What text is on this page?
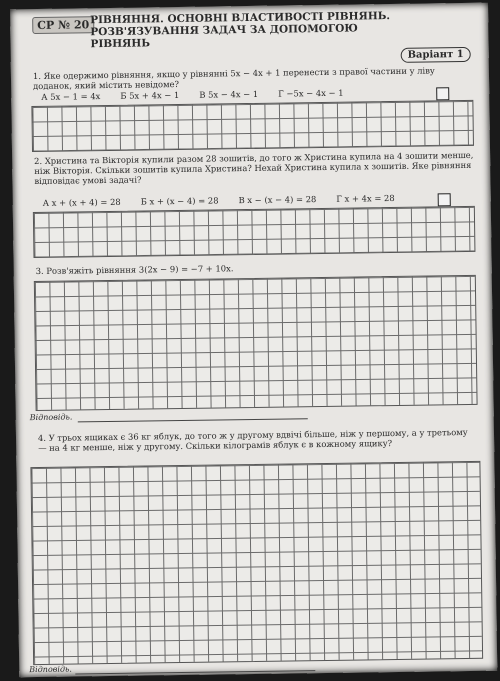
СР № 20 РІВНЯННЯ. ОСНОВНІ ВЛАСТИВОСТІ РІВНЯНЬ.
РОЗВ'ЯЗУВАННЯ ЗАДАЧ ЗА ДОПОМОГОЮ РІВНЯНЬ
Варіант 1
1. Яке одержимо рівняння, якщо у рівнянні 5x − 4x + 1 перенести з правої частини у ліву доданок, який містить невідоме?
А 5x − 1 = 4x Б 5x + 4x − 1 В 5x − 4x − 1 Г −5x − 4x − 1
2. Христина та Вікторія купили разом 28 зошитів, до того ж Христина купила на 4 зошити менше, ніж Вікторія. Скільки зошитів купила Христина? Нехай Христина купила x зошитів. Яке рівняння відповідає умові задачі?
А x + (x + 4) = 28 Б x + (x − 4) = 28 В x − (x − 4) = 28 Г x + 4x = 28
3. Розв'яжіть рівняння 3(2x − 9) = −7 + 10x.
Відповідь.
4. У трьох ящиках є 36 кг яблук, до того ж у другому вдвічі більше, ніж у першому, а у третьому — на 4 кг менше, ніж у другому. Скільки кілограмів яблук є в кожному ящику?
Відповідь.
